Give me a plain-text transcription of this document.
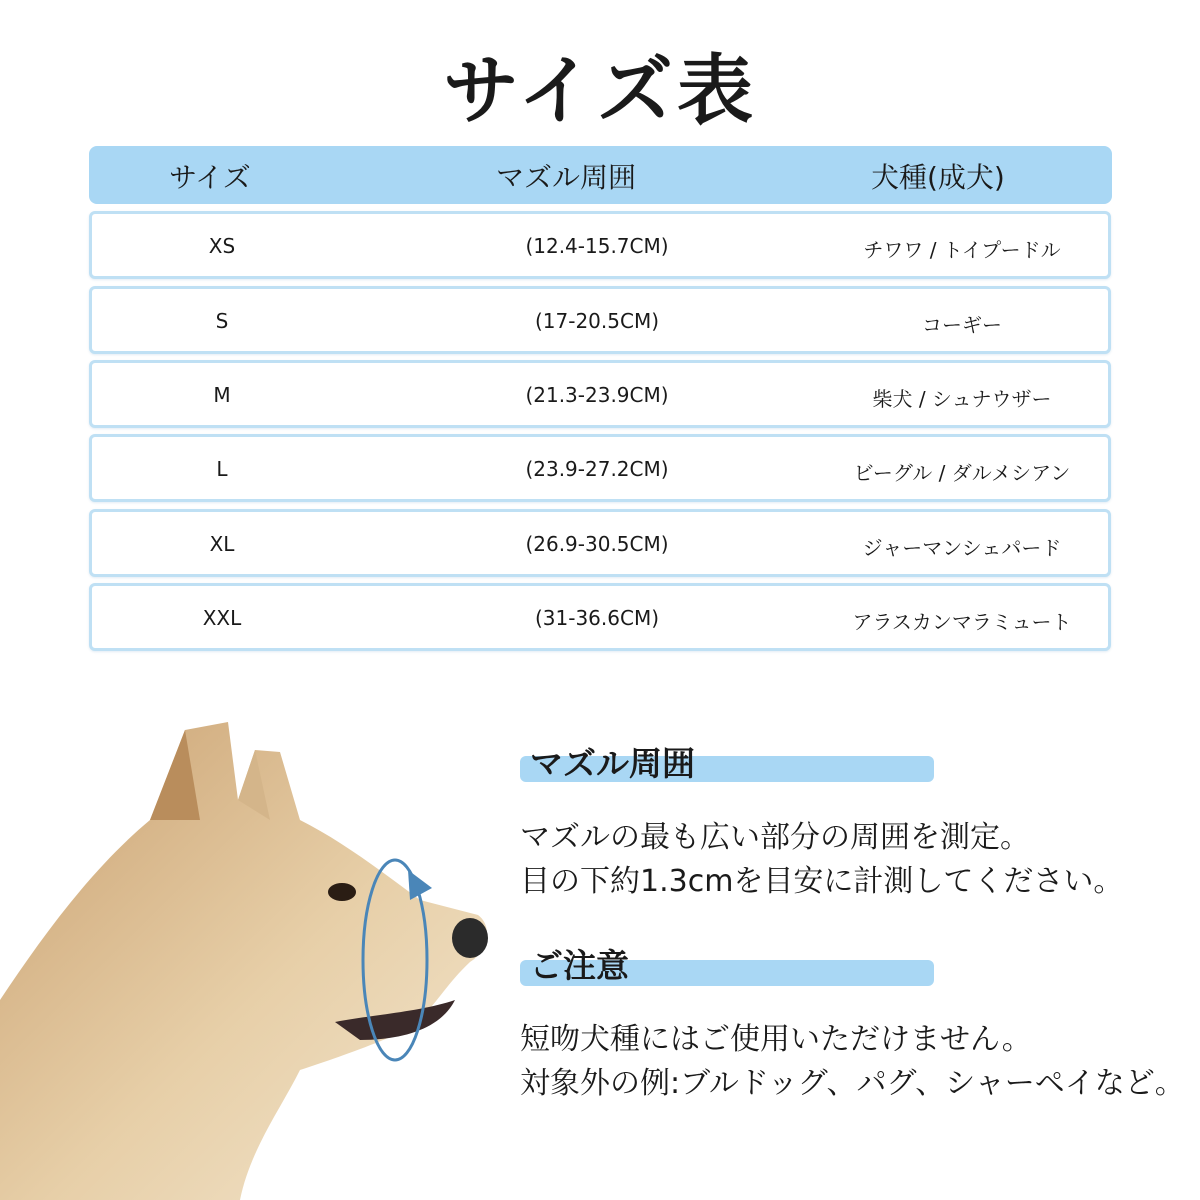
サイズ表
サイズ	マズル周囲	犬種(成犬)
XS	(12.4-15.7CM)	チワワ / トイプードル
S	(17-20.5CM)	コーギー
M	(21.3-23.9CM)	柴犬 / シュナウザー
L	(23.9-27.2CM)	ビーグル / ダルメシアン
XL	(26.9-30.5CM)	ジャーマンシェパード
XXL	(31-36.6CM)	アラスカンマラミュート
マズル周囲
マズルの最も広い部分の周囲を測定。
目の下約1.3cmを目安に計測してください。
ご注意
短吻犬種にはご使用いただけません。
対象外の例:ブルドッグ、パグ、シャーペイなど。
